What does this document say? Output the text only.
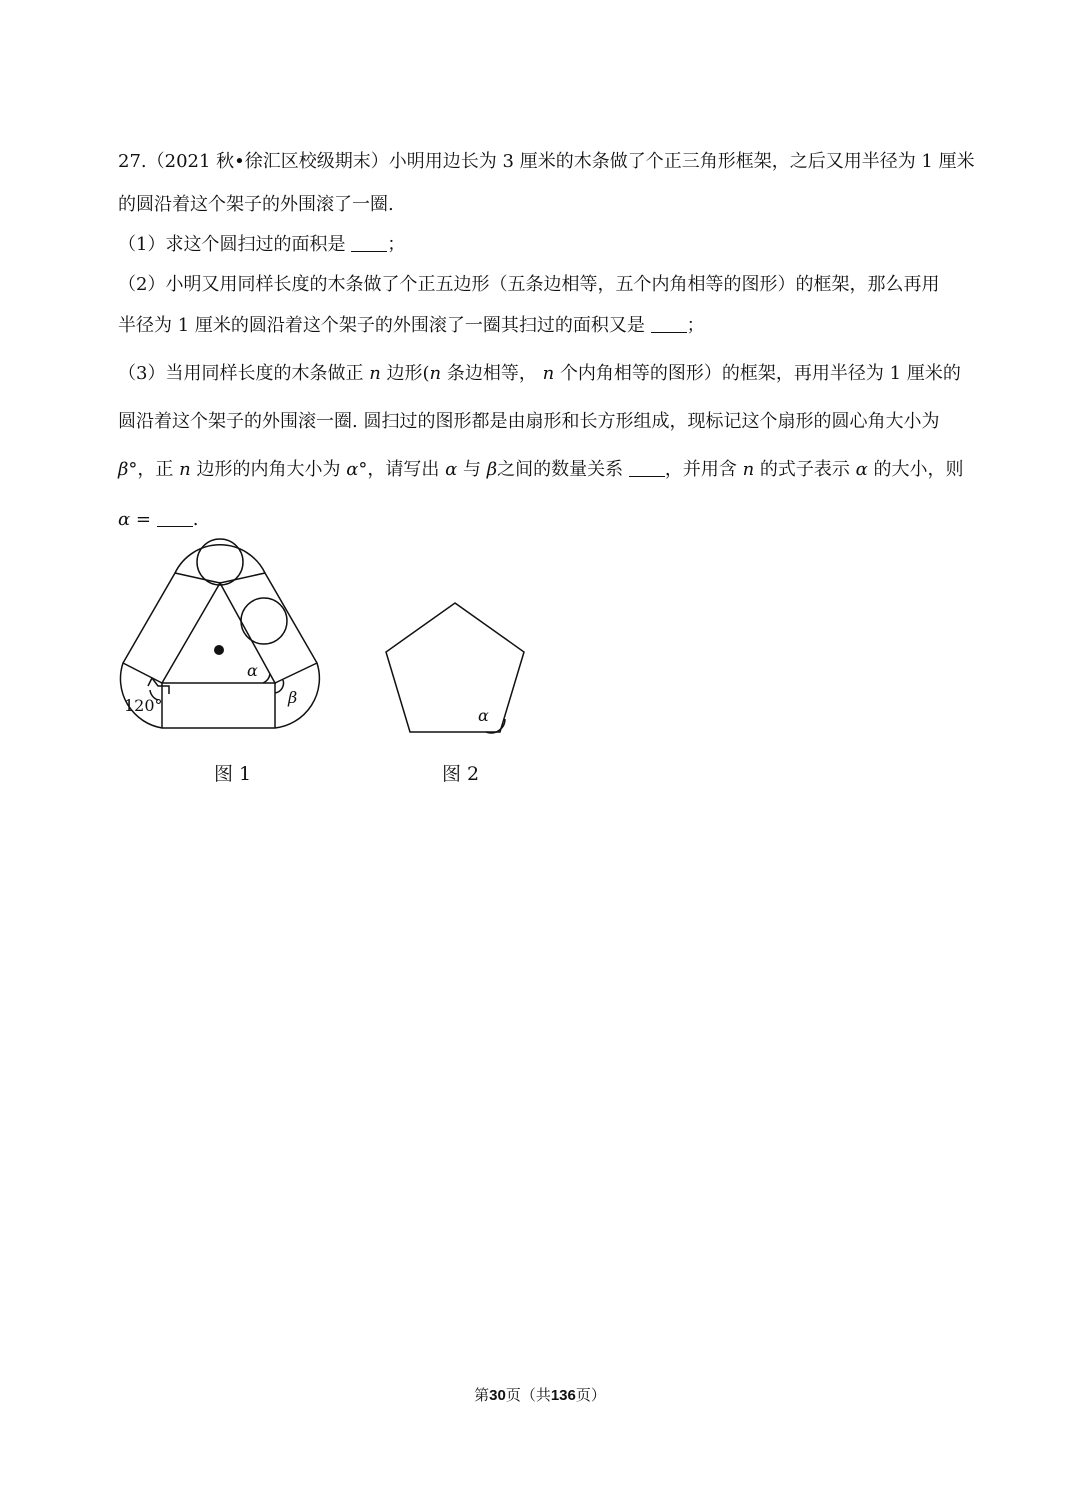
27.（2021 秋•徐汇区校级期末）小明用边长为 3 厘米的木条做了个正三角形框架，之后又用半径为 1 厘米
的圆沿着这个架子的外围滚了一圈.
（1）求这个圆扫过的面积是 ；
（2）小明又用同样长度的木条做了个正五边形（五条边相等，五个内角相等的图形）的框架，那么再用
半径为 1 厘米的圆沿着这个架子的外围滚了一圈其扫过的面积又是 ；
（3）当用同样长度的木条做正 n 边形(n 条边相等， n 个内角相等的图形）的框架，再用半径为 1 厘米的
圆沿着这个架子的外围滚一圈. 圆扫过的图形都是由扇形和长方形组成，现标记这个扇形的圆心角大小为
β°，正 n 边形的内角大小为 α°，请写出 α 与 β之间的数量关系 ，并用含 n 的式子表示 α 的大小，则
α = .
120°
α
β
α
图 1	图 2
第30页（共136页）
